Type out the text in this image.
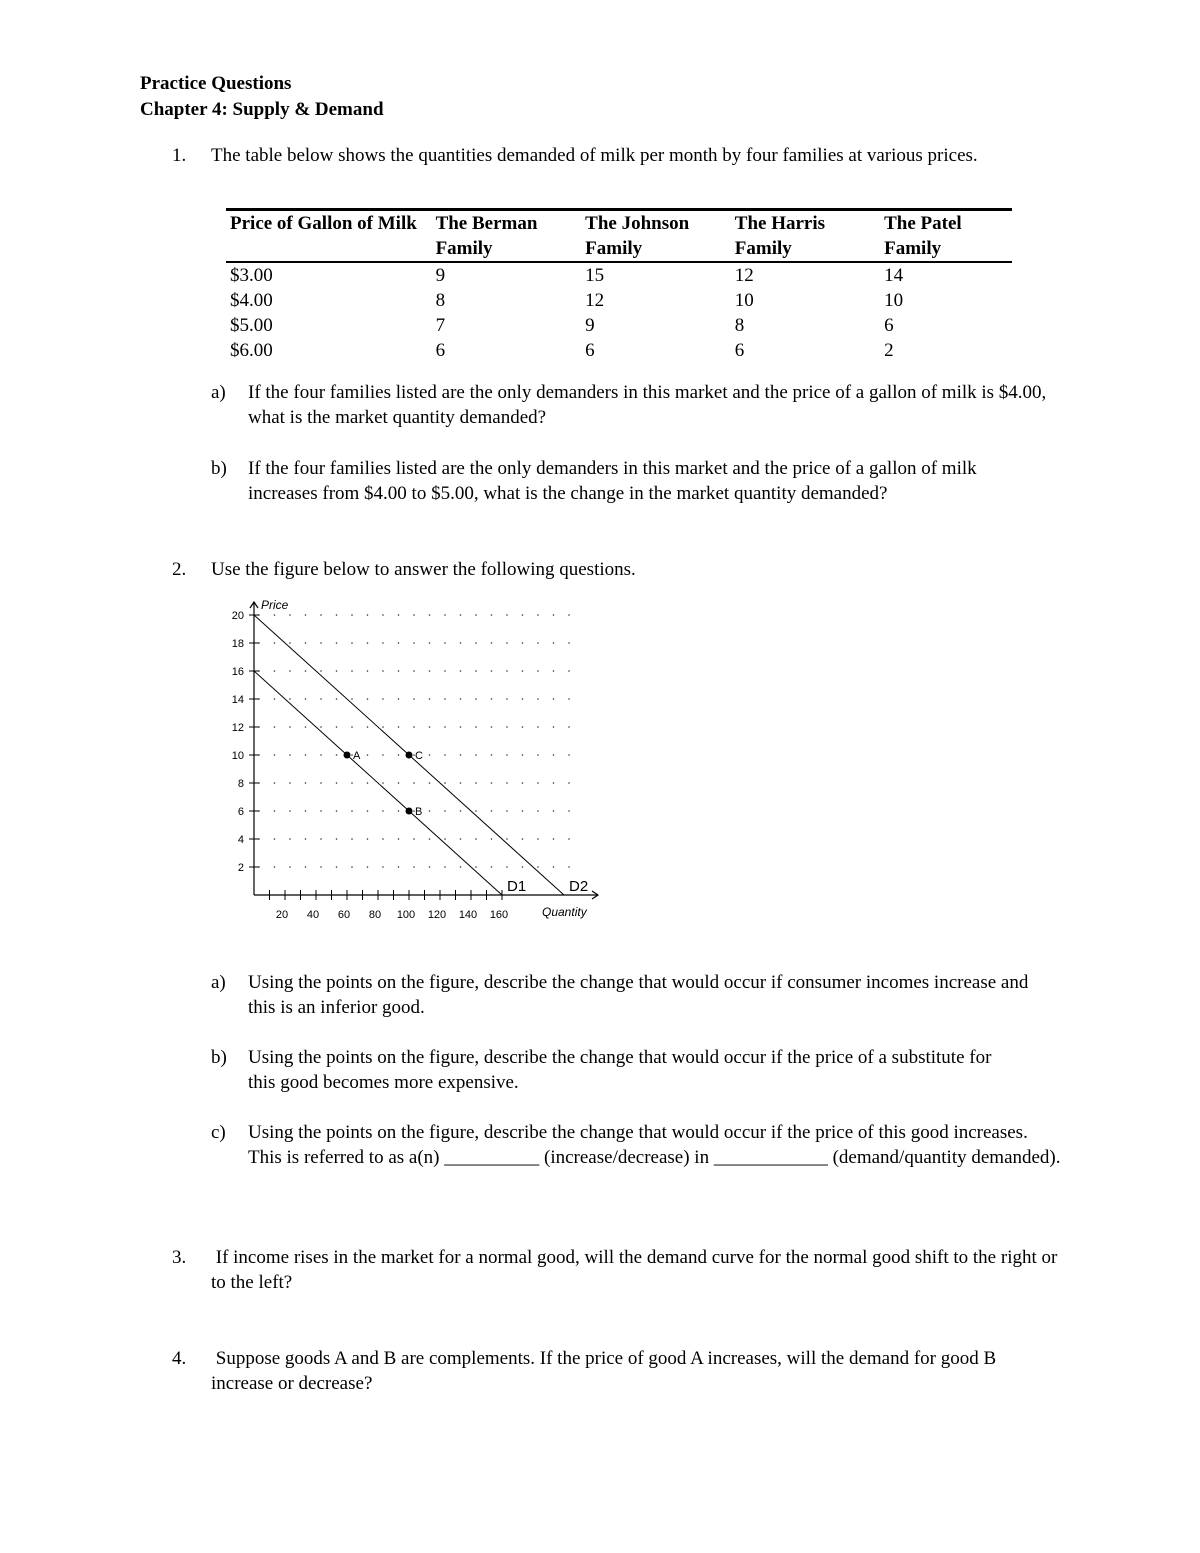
Practice Questions
Chapter 4: Supply & Demand
1. The table below shows the quantities demanded of milk per month by four families at various prices.
Price of Gallon of Milk	The Berman Family	The Johnson Family	The Harris Family	The Patel Family
$3.00	9	15	12	14
$4.00	8	12	10	10
$5.00	7	9	8	6
$6.00	6	6	6	2
a) If the four families listed are the only demanders in this market and the price of a gallon of milk is $4.00, what is the market quantity demanded?
b) If the four families listed are the only demanders in this market and the price of a gallon of milk increases from $4.00 to $5.00, what is the change in the market quantity demanded?
2. Use the figure below to answer the following questions.
2
4
6
8
10
12
14
16
18
20
20 40 60 80 100 120 140 160
D1	D2
A	C
B
Price
Quantity
a) Using the points on the figure, describe the change that would occur if consumer incomes increase and this is an inferior good.
b) Using the points on the figure, describe the change that would occur if the price of a substitute for this good becomes more expensive.
c) Using the points on the figure, describe the change that would occur if the price of this good increases. This is referred to as a(n) __________ (increase/decrease) in ____________ (demand/quantity demanded).
3. If income rises in the market for a normal good, will the demand curve for the normal good shift to the right or to the left?
4. Suppose goods A and B are complements. If the price of good A increases, will the demand for good B increase or decrease?
